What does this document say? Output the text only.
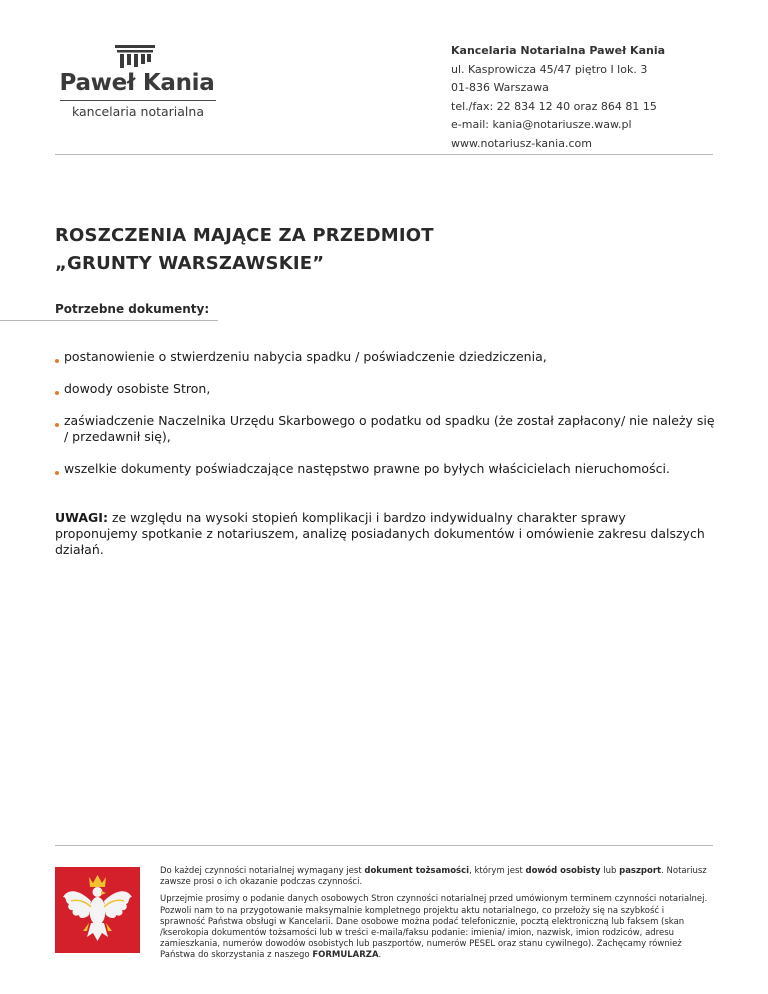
Paweł Kania
kancelaria notarialna
Kancelaria Notarialna Paweł Kania
ul. Kasprowicza 45/47 piętro I lok. 3
01-836 Warszawa
tel./fax: 22 834 12 40 oraz 864 81 15
e-mail: kania@notariusze.waw.pl
www.notariusz-kania.com
ROSZCZENIA MAJĄCE ZA PRZEDMIOT
„GRUNTY WARSZAWSKIE”
Potrzebne dokumenty:
postanowienie o stwierdzeniu nabycia spadku / poświadczenie dziedziczenia,
dowody osobiste Stron,
zaświadczenie Naczelnika Urzędu Skarbowego o podatku od spadku (że został zapłacony/ nie należy się / przedawnił się),
wszelkie dokumenty poświadczające następstwo prawne po byłych właścicielach nieruchomości.
UWAGI: ze względu na wysoki stopień komplikacji i bardzo indywidualny charakter sprawy proponujemy spotkanie z notariuszem, analizę posiadanych dokumentów i omówienie zakresu dalszych działań.

Do każdej czynności notarialnej wymagany jest dokument tożsamości, którym jest dowód osobisty lub paszport. Notariusz zawsze prosi o ich okazanie podczas czynności.

Uprzejmie prosimy o podanie danych osobowych Stron czynności notarialnej przed umówionym terminem czynności notarialnej. Pozwoli nam to na przygotowanie maksymalnie kompletnego projektu aktu notarialnego, co przełoży się na szybkość i sprawność Państwa obsługi w Kancelarii. Dane osobowe można podać telefonicznie, pocztą elektroniczną lub faksem (skan /kserokopia dokumentów tożsamości lub w treści e-maila/faksu podanie: imienia/ imion, nazwisk, imion rodziców, adresu zamieszkania, numerów dowodów osobistych lub paszportów, numerów PESEL oraz stanu cywilnego). Zachęcamy również Państwa do skorzystania z naszego FORMULARZA.
